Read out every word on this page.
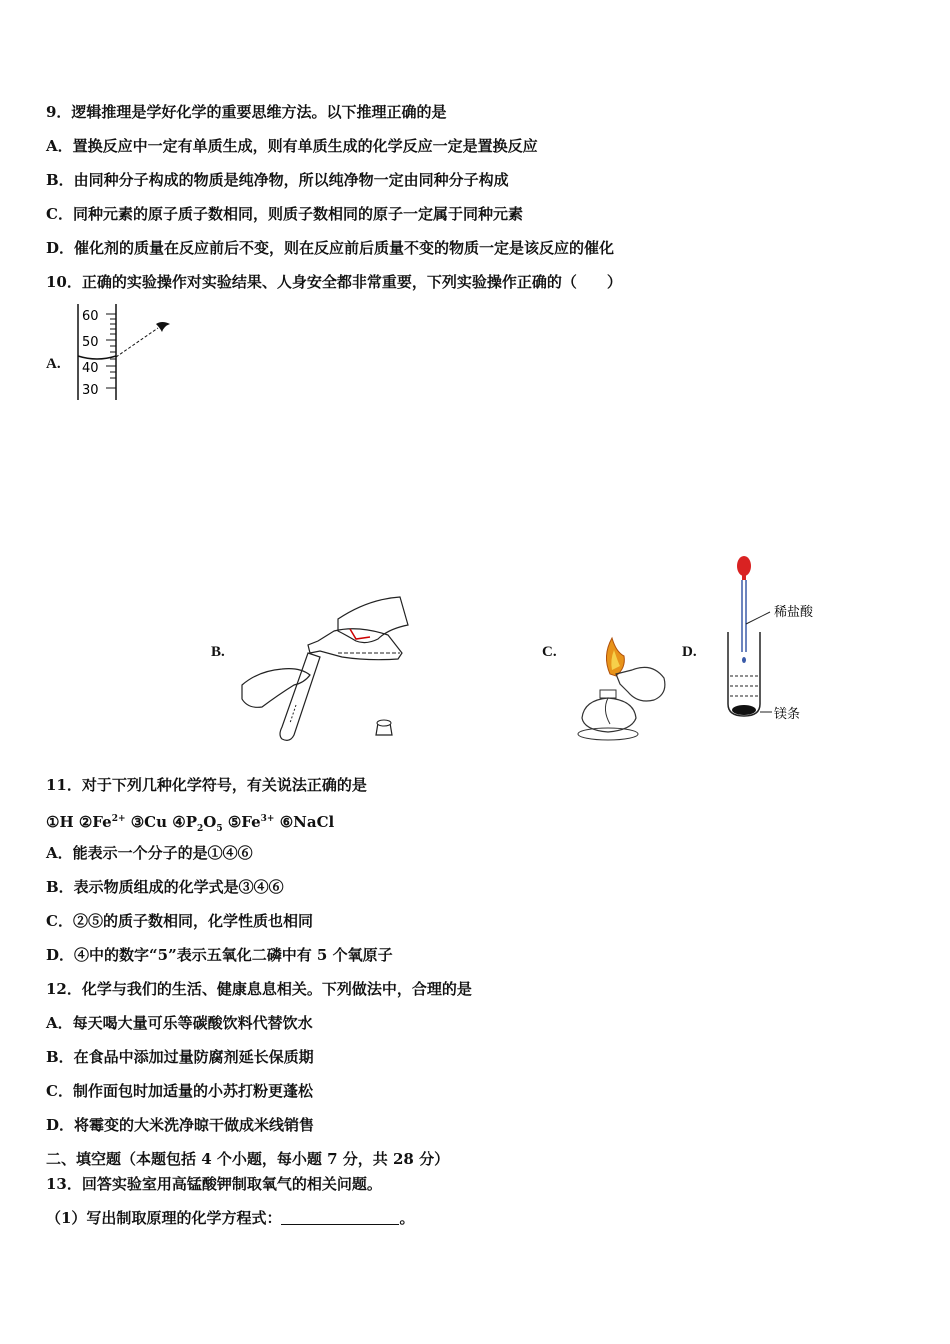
9．逻辑推理是学好化学的重要思维方法。以下推理正确的是
A．置换反应中一定有单质生成，则有单质生成的化学反应一定是置换反应
B．由同种分子构成的物质是纯净物，所以纯净物一定由同种分子构成
C．同种元素的原子质子数相同，则质子数相同的原子一定属于同种元素
D．催化剂的质量在反应前后不变，则在反应前后质量不变的物质一定是该反应的催化
10．正确的实验操作对实验结果、人身安全都非常重要，下列实验操作正确的（　　）
A.
60
50
40
30
B.	C.	D.
稀盐酸
镁条
11．对于下列几种化学符号，有关说法正确的是
①H $②Fe^{2+}$ ③Cu $④P_2O_5$ $⑤Fe^{3+}$ ⑥NaCl
A．能表示一个分子的是①④⑥
B．表示物质组成的化学式是③④⑥
C．②⑤的质子数相同，化学性质也相同
D．④中的数字“5”表示五氧化二磷中有 5 个氧原子
12．化学与我们的生活、健康息息相关。下列做法中，合理的是
A．每天喝大量可乐等碳酸饮料代替饮水
B．在食品中添加过量防腐剂延长保质期
C．制作面包时加适量的小苏打粉更蓬松
D．将霉变的大米洗净晾干做成米线销售
二、填空题（本题包括 4 个小题，每小题 7 分，共 28 分）
13．回答实验室用高锰酸钾制取氧气的相关问题。
（1）写出制取原理的化学方程式：	。
